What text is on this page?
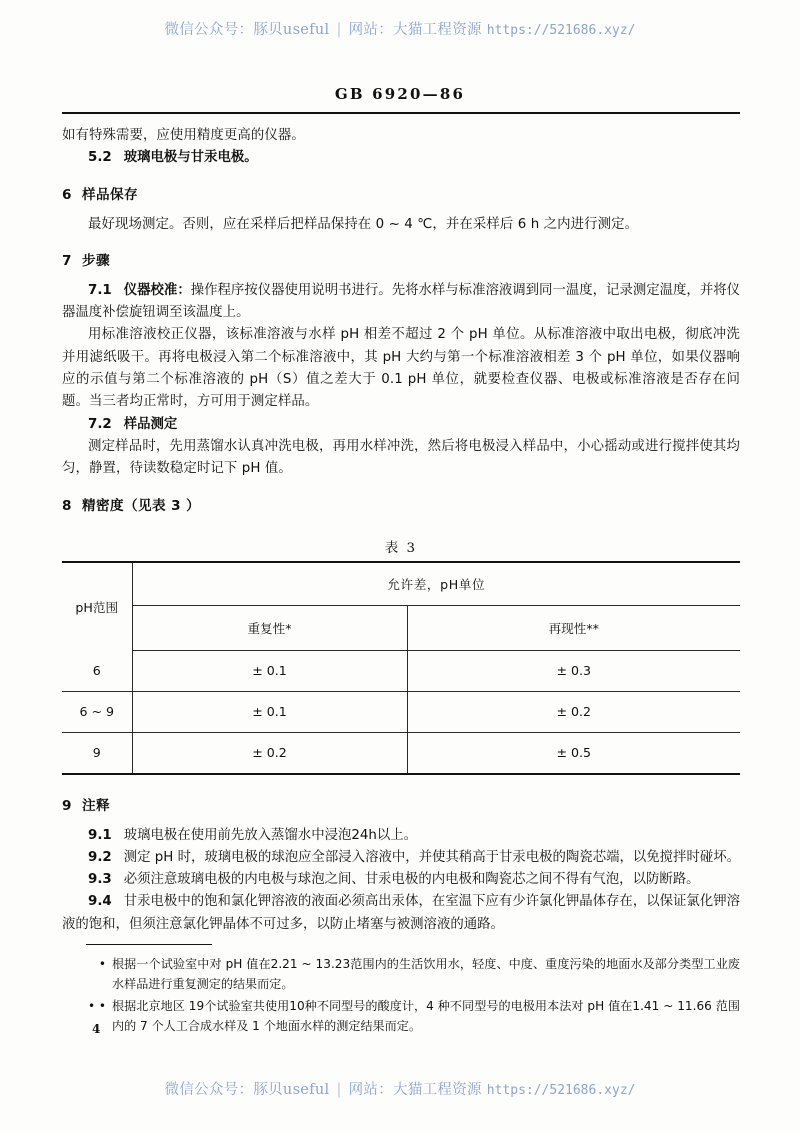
微信公众号：豚贝useful | 网站：大猫工程资源 https://521686.xyz/
GB 6920—86
如有特殊需要，应使用精度更高的仪器。
5.2 玻璃电极与甘汞电极。
6 样品保存
最好现场测定。否则，应在采样后把样品保持在 0 ~ 4 ℃，并在采样后 6 h 之内进行测定。
7 步骤
7.1 仪器校准：操作程序按仪器使用说明书进行。先将水样与标准溶液调到同一温度，记录测定温度，并将仪器温度补偿旋钮调至该温度上。
用标准溶液校正仪器，该标准溶液与水样 pH 相差不超过 2 个 pH 单位。从标准溶液中取出电极，彻底冲洗并用滤纸吸干。再将电极浸入第二个标准溶液中，其 pH 大约与第一个标准溶液相差 3 个 pH 单位，如果仪器响应的示值与第二个标准溶液的 pH（S）值之差大于 0.1 pH 单位，就要检查仪器、电极或标准溶液是否存在问题。当三者均正常时，方可用于测定样品。
7.2 样品测定
测定样品时，先用蒸馏水认真冲洗电极，再用水样冲洗，然后将电极浸入样品中，小心摇动或进行搅拌使其均匀，静置，待读数稳定时记下 pH 值。
8 精密度（见表 3 ）
表 3
pH范围	允许差，pH单位	
	重复性*	再现性**
6	± 0.1	± 0.3
6 ~ 9	± 0.1	± 0.2
9	± 0.2	± 0.5
9 注释
9.1 玻璃电极在使用前先放入蒸馏水中浸泡24h以上。
9.2 测定 pH 时，玻璃电极的球泡应全部浸入溶液中，并使其稍高于甘汞电极的陶瓷芯端，以免搅拌时碰坏。
9.3 必须注意玻璃电极的内电极与球泡之间、甘汞电极的内电极和陶瓷芯之间不得有气泡，以防断路。
9.4 甘汞电极中的饱和氯化钾溶液的液面必须高出汞体，在室温下应有少许氯化钾晶体存在，以保证氯化钾溶液的饱和，但须注意氯化钾晶体不可过多，以防止堵塞与被测溶液的通路。
• 根据一个试验室中对 pH 值在2.21 ~ 13.23范围内的生活饮用水，轻度、中度、重度污染的地面水及部分类型工业废水样品进行重复测定的结果而定。
• • 根据北京地区 19个试验室共使用10种不同型号的酸度计，4 种不同型号的电极用本法对 pH 值在1.41 ~ 11.66 范围内的 7 个人工合成水样及 1 个地面水样的测定结果而定。
4
微信公众号：豚贝useful | 网站：大猫工程资源 https://521686.xyz/
